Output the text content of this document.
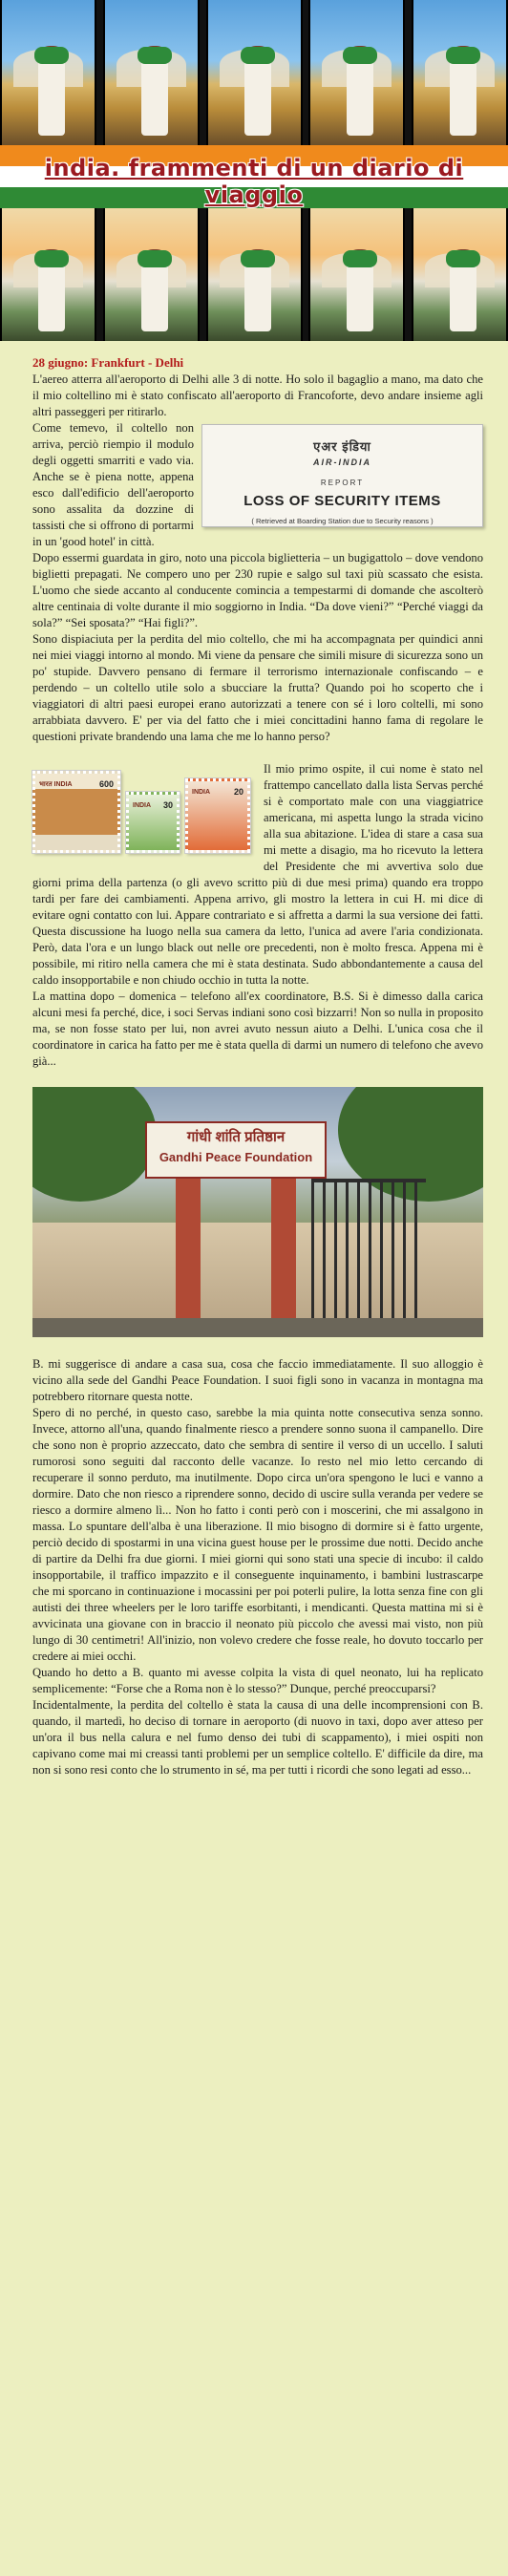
india. frammenti di un diario di viaggio
28 giugno: Frankfurt - Delhi

L'aereo atterra all'aeroporto di Delhi alle 3 di notte. Ho solo il bagaglio a mano, ma dato che il mio coltellino mi è stato confiscato all'aeroporto di Francoforte, devo andare insieme agli altri passeggeri per ritirarlo.

एअर इंडिया
AIR-INDIA
REPORT
LOSS OF SECURITY ITEMS
( Retrieved at Boarding Station due to Security reasons )

Come temevo, il coltello non arriva, perciò riempio il modulo degli oggetti smarriti e vado via. Anche se è piena notte, appena esco dall'edificio dell'aeroporto sono assalita da dozzine di tassisti che si offrono di portarmi in un 'good hotel' in città.

Dopo essermi guardata in giro, noto una piccola biglietteria – un bugigattolo – dove vendono biglietti prepagati. Ne compero uno per 230 rupie e salgo sul taxi più scassato che esista. L'uomo che siede accanto al conducente comincia a tempestarmi di domande che ascolterò altre centinaia di volte durante il mio soggiorno in India. “Da dove vieni?” “Perché viaggi da sola?” “Sei sposata?” “Hai figli?”.

Sono dispiaciuta per la perdita del mio coltello, che mi ha accompagnata per quindici anni nei miei viaggi intorno al mondo. Mi viene da pensare che simili misure di sicurezza sono un po' stupide. Davvero pensano di fermare il terrorismo internazionale confiscando – e perdendo – un coltello utile solo a sbucciare la frutta? Quando poi ho scoperto che i viaggiatori di altri paesi europei erano autorizzati a tenere con sé i loro coltelli, mi sono arrabbiata davvero. E' per via del fatto che i miei concittadini hanno fama di regolare le questioni private brandendo una lama che me lo hanno perso?

भारत INDIA	600
INDIA 30
INDIA	20

Il mio primo ospite, il cui nome è stato nel frattempo cancellato dalla lista Servas perché si è comportato male con una viaggiatrice americana, mi aspetta lungo la strada vicino alla sua abitazione. L'idea di stare a casa sua mi mette a disagio, ma ho ricevuto la lettera del Presidente che mi avvertiva solo due giorni prima della partenza (o gli avevo scritto più di due mesi prima) quando era troppo tardi per fare dei cambiamenti. Appena arrivo, gli mostro la lettera in cui H. mi dice di evitare ogni contatto con lui. Appare contrariato e si affretta a darmi la sua versione dei fatti. Questa discussione ha luogo nella sua camera da letto, l'unica ad avere l'aria condizionata. Però, data l'ora e un lungo black out nelle ore precedenti, non è molto fresca. Appena mi è possibile, mi ritiro nella camera che mi è stata destinata. Sudo abbondantemente a causa del caldo insopportabile e non chiudo occhio in tutta la notte.

La mattina dopo – domenica – telefono all'ex coordinatore, B.S. Si è dimesso dalla carica alcuni mesi fa perché, dice, i soci Servas indiani sono così bizzarri! Non so nulla in proposito ma, se non fosse stato per lui, non avrei avuto nessun aiuto a Delhi. L'unica cosa che il coordinatore in carica ha fatto per me è stata quella di darmi un numero di telefono che avevo già...

गांधी शांति प्रतिष्ठान
Gandhi Peace Foundation

B. mi suggerisce di andare a casa sua, cosa che faccio immediatamente. Il suo alloggio è vicino alla sede del Gandhi Peace Foundation. I suoi figli sono in vacanza in montagna ma potrebbero ritornare questa notte.

Spero di no perché, in questo caso, sarebbe la mia quinta notte consecutiva senza sonno. Invece, attorno all'una, quando finalmente riesco a prendere sonno suona il campanello. Dire che sono non è proprio azzeccato, dato che sembra di sentire il verso di un uccello. I saluti rumorosi sono seguiti dal racconto delle vacanze. Io resto nel mio letto cercando di recuperare il sonno perduto, ma inutilmente. Dopo circa un'ora spengono le luci e vanno a dormire. Dato che non riesco a riprendere sonno, decido di uscire sulla veranda per vedere se riesco a dormire almeno lì... Non ho fatto i conti però con i moscerini, che mi assalgono in massa. Lo spuntare dell'alba è una liberazione. Il mio bisogno di dormire si è fatto urgente, perciò decido di spostarmi in una vicina guest house per le prossime due notti. Decido anche di partire da Delhi fra due giorni. I miei giorni qui sono stati una specie di incubo: il caldo insopportabile, il traffico impazzito e il conseguente inquinamento, i bambini lustrascarpe che mi sporcano in continuazione i mocassini per poi poterli pulire, la lotta senza fine con gli autisti dei three wheelers per le loro tariffe esorbitanti, i mendicanti. Questa mattina mi si è avvicinata una giovane con in braccio il neonato più piccolo che avessi mai visto, non più lungo di 30 centimetri! All'inizio, non volevo credere che fosse reale, ho dovuto toccarlo per credere ai miei occhi.

Quando ho detto a B. quanto mi avesse colpita la vista di quel neonato, lui ha replicato semplicemente: “Forse che a Roma non è lo stesso?” Dunque, perché preoccuparsi?

Incidentalmente, la perdita del coltello è stata la causa di una delle incomprensioni con B. quando, il martedì, ho deciso di tornare in aeroporto (di nuovo in taxi, dopo aver atteso per un'ora il bus nella calura e nel fumo denso dei tubi di scappamento), i miei ospiti non capivano come mai mi creassi tanti problemi per un semplice coltello. E' difficile da dire, ma non si sono resi conto che lo strumento in sé, ma per tutti i ricordi che sono legati ad esso...
